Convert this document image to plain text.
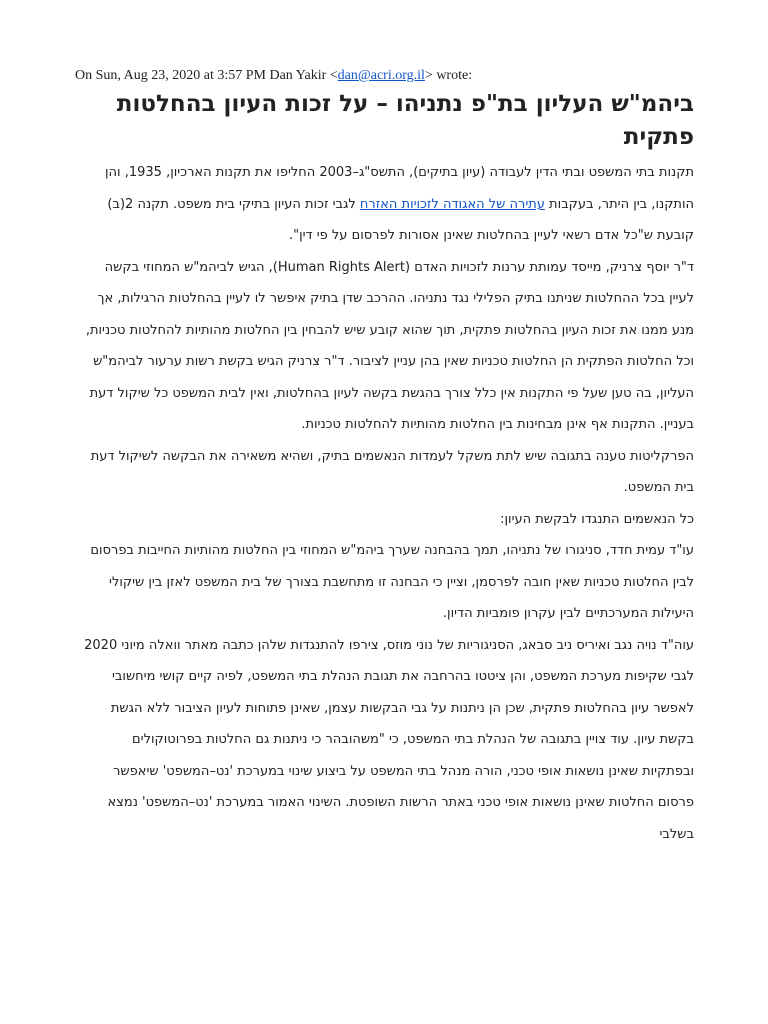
On Sun, Aug 23, 2020 at 3:57 PM Dan Yakir <dan@acri.org.il> wrote:
ביהמ"ש העליון בת"פ נתניהו – על זכות העיון בהחלטות פתקית

תקנות בתי המשפט ובתי הדין לעבודה (עיון בתיקים), התשס"ג–2003 החליפו את תקנות הארכיון, 1935, והן הותקנו, בין היתר, בעקבות עתירה של האגודה לזכויות האזרח לגבי זכות העיון בתיקי בית משפט. תקנה 2(ב) קובעת ש"כל אדם רשאי לעיין בהחלטות שאינן אסורות לפרסום על פי דין".

ד"ר יוסף צרניק, מייסד עמותת ערנות לזכויות האדם (Human Rights Alert), הגיש לביהמ"ש המחוזי בקשה לעיין בכל ההחלטות שניתנו בתיק הפלילי נגד נתניהו. ההרכב שדן בתיק איפשר לו לעיין בהחלטות הרגילות, אך מנע ממנו את זכות העיון בהחלטות פתקית, תוך שהוא קובע שיש להבחין בין החלטות מהותיות להחלטות טכניות, וכל החלטות הפתקית הן החלטות טכניות שאין בהן עניין לציבור. ד"ר צרניק הגיש בקשת רשות ערעור לביהמ"ש העליון, בה טען שעל פי התקנות אין כלל צורך בהגשת בקשה לעיון בהחלטות, ואין לבית המשפט כל שיקול דעת בעניין. התקנות אף אינן מבחינות בין החלטות מהותיות להחלטות טכניות.

הפרקליטות טענה בתגובה שיש לתת משקל לעמדות הנאשמים בתיק, ושהיא משאירה את הבקשה לשיקול דעת בית המשפט.

כל הנאשמים התנגדו לבקשת העיון:

עו"ד עמית חדד, סניגורו של נתניהו, תמך בהבחנה שערך ביהמ"ש המחוזי בין החלטות מהותיות החייבות בפרסום לבין החלטות טכניות שאין חובה לפרסמן, וציין כי הבחנה זו מתחשבת בצורך של בית המשפט לאזן בין שיקולי היעילות המערכתיים לבין עקרון פומביות הדיון.

עוה"ד נויה נגב ואיריס ניב סבאג, הסניגוריות של נוני מוזס, צירפו להתנגדות שלהן כתבה מאתר וואלה מיוני 2020 לגבי שקיפות מערכת המשפט, והן ציטטו בהרחבה את תגובת הנהלת בתי המשפט, לפיה קיים קושי מיחשובי לאפשר עיון בהחלטות פתקית, שכן הן ניתנות על גבי הבקשות עצמן, שאינן פתוחות לעיון הציבור ללא הגשת בקשת עיון. עוד צויין בתגובה של הנהלת בתי המשפט, כי "משהובהר כי ניתנות גם החלטות בפרוטוקולים ובפתקיות שאינן נושאות אופי טכני, הורה מנהל בתי המשפט על ביצוע שינוי במערכת 'נט–המשפט' שיאפשר פרסום החלטות שאינן נושאות אופי טכני באתר הרשות השופטת. השינוי האמור במערכת 'נט–המשפט' נמצא בשלבי
